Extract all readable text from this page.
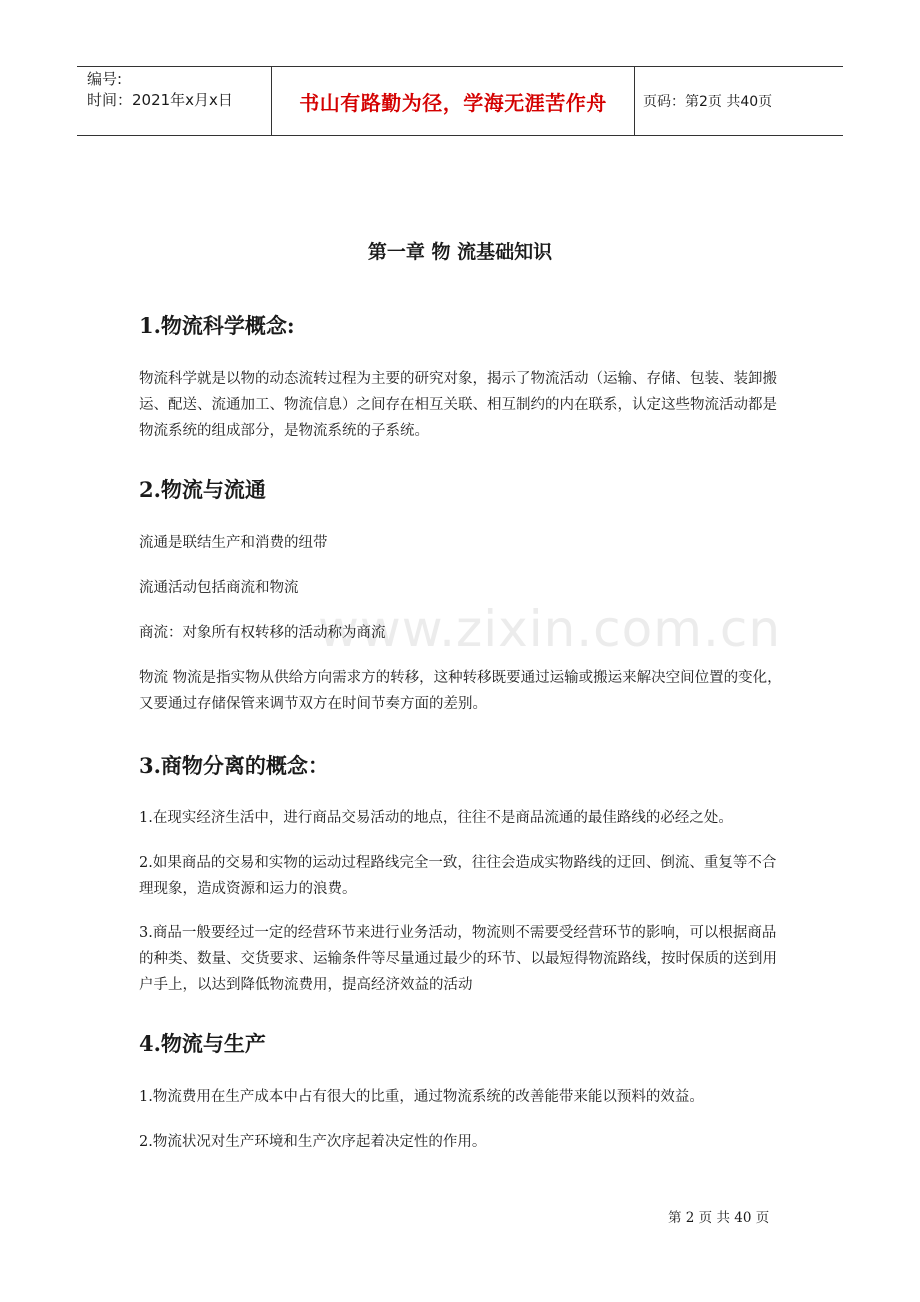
编号:
时间：2021年x月x日	书山有路勤为径，学海无涯苦作舟	页码：第2页 共40页
www.zixin.com.cn
第一章 物 流基础知识
1.物流科学概念:

物流科学就是以物的动态流转过程为主要的研究对象，揭示了物流活动（运输、存储、包装、装卸搬运、配送、流通加工、物流信息）之间存在相互关联、相互制约的内在联系，认定这些物流活动都是物流系统的组成部分，是物流系统的子系统。

2.物流与流通

流通是联结生产和消费的纽带

流通活动包括商流和物流

商流：对象所有权转移的活动称为商流

物流 物流是指实物从供给方向需求方的转移，这种转移既要通过运输或搬运来解决空间位置的变化，又要通过存储保管来调节双方在时间节奏方面的差别。

3.商物分离的概念：

1.在现实经济生活中，进行商品交易活动的地点，往往不是商品流通的最佳路线的必经之处。

2.如果商品的交易和实物的运动过程路线完全一致，往往会造成实物路线的迂回、倒流、重复等不合理现象，造成资源和运力的浪费。

3.商品一般要经过一定的经营环节来进行业务活动，物流则不需要受经营环节的影响，可以根据商品的种类、数量、交货要求、运输条件等尽量通过最少的环节、以最短得物流路线，按时保质的送到用户手上，以达到降低物流费用，提高经济效益的活动

4.物流与生产

1.物流费用在生产成本中占有很大的比重，通过物流系统的改善能带来能以预料的效益。

2.物流状况对生产环境和生产次序起着决定性的作用。

第 2 页 共 40 页
